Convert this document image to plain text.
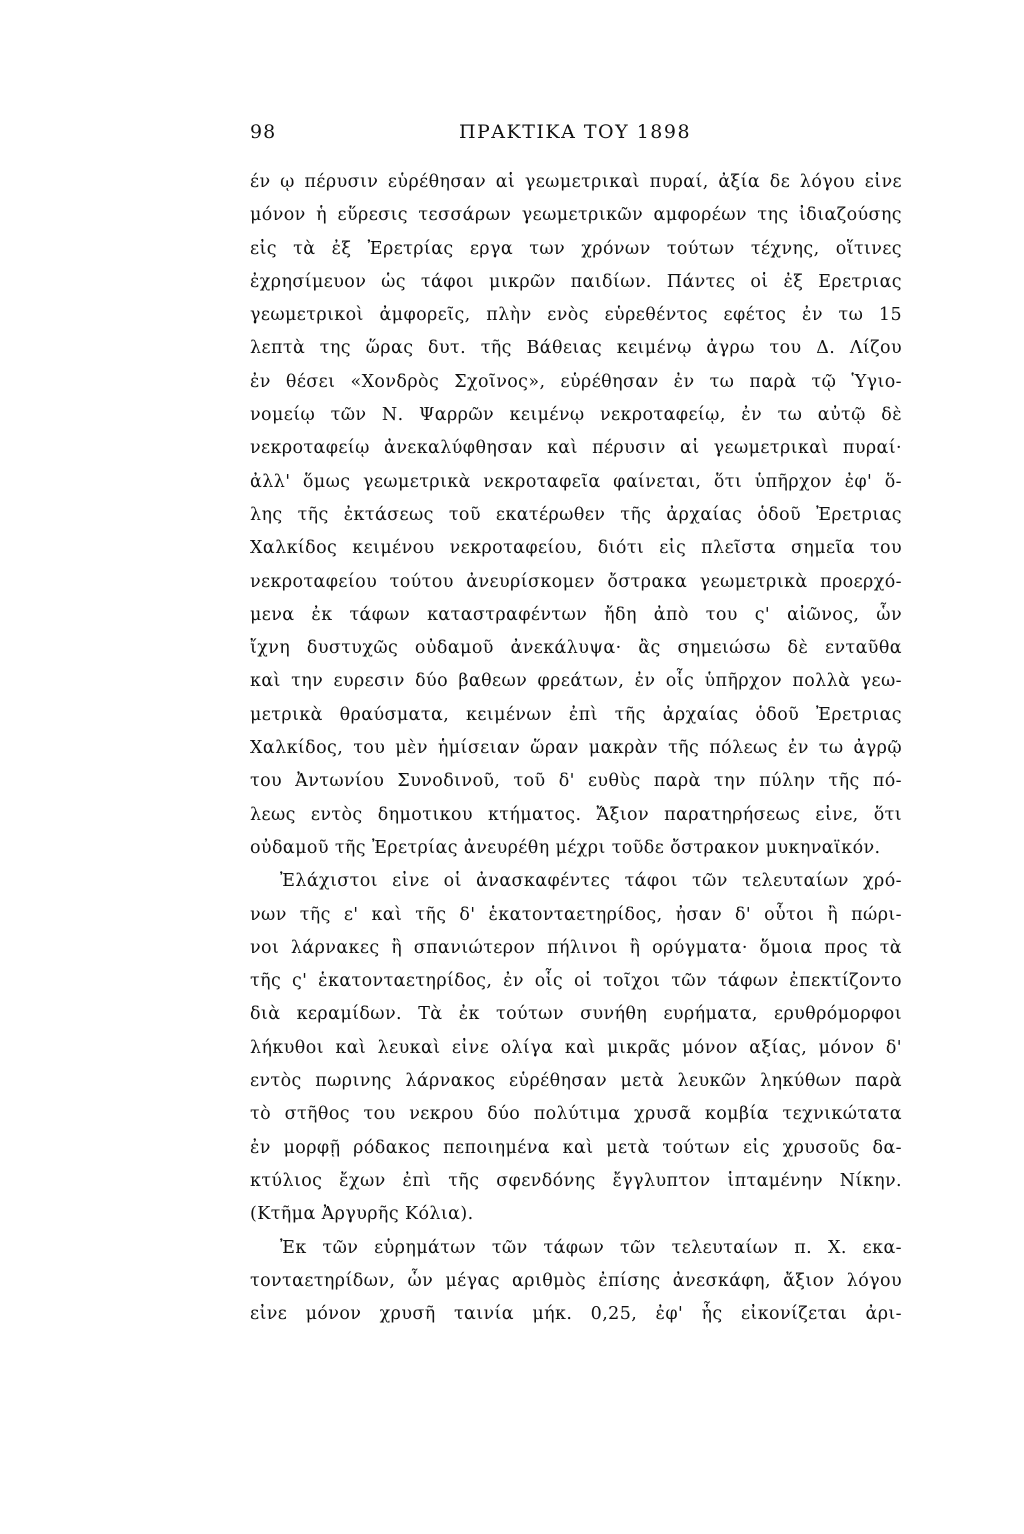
98	ΠΡΑΚΤΙΚΑ ΤΟΥ 1898
έν ῳ πέρυσιν εὑρέθησαν αἱ γεωμετρικαὶ πυραί, ἀξία δε λόγου εἰνε
μόνον ἡ εὕρεσις τεσσάρων γεωμετρικῶν αμφορέων της ἰδιαζούσης
εἰς τὰ ἐξ Ἐρετρίας εργα των χρόνων τούτων τέχνης, οἵτινες
ἐχρησίμευον ὡς τάφοι μικρῶν παιδίων. Πάντες οἱ ἐξ Ερετριας
γεωμετρικοὶ ἀμφορεῖς, πλὴν ενὸς εὑρεθέντος εφέτος ἐν τω 15
λεπτὰ της ὥρας δυτ. τῆς Βάθειας κειμένῳ ἀγρω του Δ. Λίζου
ἐν θέσει «Χονδρὸς Σχοῖνος», εὑρέθησαν ἐν τω παρὰ τῷ Ὑγιο-
νομείῳ τῶν Ν. Ψαρρῶν κειμένῳ νεκροταφείῳ, ἐν τω αὐτῷ δὲ
νεκροταφείῳ ἀνεκαλύφθησαν καὶ πέρυσιν αἱ γεωμετρικαὶ πυραί·
ἀλλ' ὅμως γεωμετρικὰ νεκροταφεῖα φαίνεται, ὅτι ὑπῆρχον ἐφ' ὅ-
λης τῆς ἐκτάσεως τοῦ εκατέρωθεν τῆς ἀρχαίας ὁδοῦ Ἐρετριας
Χαλκίδος κειμένου νεκροταφείου, διότι εἰς πλεῖστα σημεῖα του
νεκροταφείου τούτου ἀνευρίσκομεν ὄστρακα γεωμετρικὰ προερχό-
μενα ἐκ τάφων καταστραφέντων ἤδη ἀπὸ του ς' αἰῶνος, ὧν
ἴχνη δυστυχῶς οὐδαμοῦ ἀνεκάλυψα· ἂς σημειώσω δὲ ενταῦθα
καὶ την ευρεσιν δύο βαθεων φρεάτων, ἐν οἷς ὑπῆρχον πολλὰ γεω-
μετρικὰ θραύσματα, κειμένων ἐπὶ τῆς ἀρχαίας ὁδοῦ Ἐρετριας
Χαλκίδος, του μὲν ἡμίσειαν ὥραν μακρὰν τῆς πόλεως ἐν τω ἀγρῷ
του Ἀντωνίου Συνοδινοῦ, τοῦ δ' ευθὺς παρὰ την πύλην τῆς πό-
λεως εντὸς δημοτικου κτήματος. Ἄξιον παρατηρήσεως εἰνε, ὅτι
οὐδαμοῦ τῆς Ἐρετρίας ἀνευρέθη μέχρι τοῦδε ὄστρακον μυκηναϊκόν.
Ἐλάχιστοι εἰνε οἱ ἀνασκαφέντες τάφοι τῶν τελευταίων χρό-
νων τῆς ε' καὶ τῆς δ' ἑκατονταετηρίδος, ἠσαν δ' οὗτοι ἢ πώρι-
νοι λάρνακες ἢ σπανιώτερον πήλινοι ἢ ορύγματα· ὅμοια προς τὰ
τῆς ς' ἑκατονταετηρίδος, ἐν οἷς οἱ τοῖχοι τῶν τάφων ἐπεκτίζοντο
διὰ κεραμίδων. Τὰ ἐκ τούτων συνήθη ευρήματα, ερυθρόμορφοι
λήκυθοι καὶ λευκαὶ εἰνε ολίγα καὶ μικρᾶς μόνον αξίας, μόνον δ'
εντὸς πωρινης λάρνακος εὑρέθησαν μετὰ λευκῶν ληκύθων παρὰ
τὸ στῆθος του νεκρου δύο πολύτιμα χρυσᾶ κομβία τεχνικώτατα
ἐν μορφῇ ρόδακος πεποιημένα καὶ μετὰ τούτων εἰς χρυσοῦς δα-
κτύλιος ἔχων ἐπὶ τῆς σφενδόνης ἔγγλυπτον ἱπταμένην Νίκην.
(Κτῆμα Ἀργυρῆς Κόλια).
Ἐκ τῶν εὑρημάτων τῶν τάφων τῶν τελευταίων π. Χ. εκα-
τονταετηρίδων, ὧν μέγας αριθμὸς ἐπίσης ἀνεσκάφη, ἄξιον λόγου
εἰνε μόνον χρυσῆ ταινία μήκ. 0,25, ἐφ' ἧς εἰκονίζεται ἀρι-
